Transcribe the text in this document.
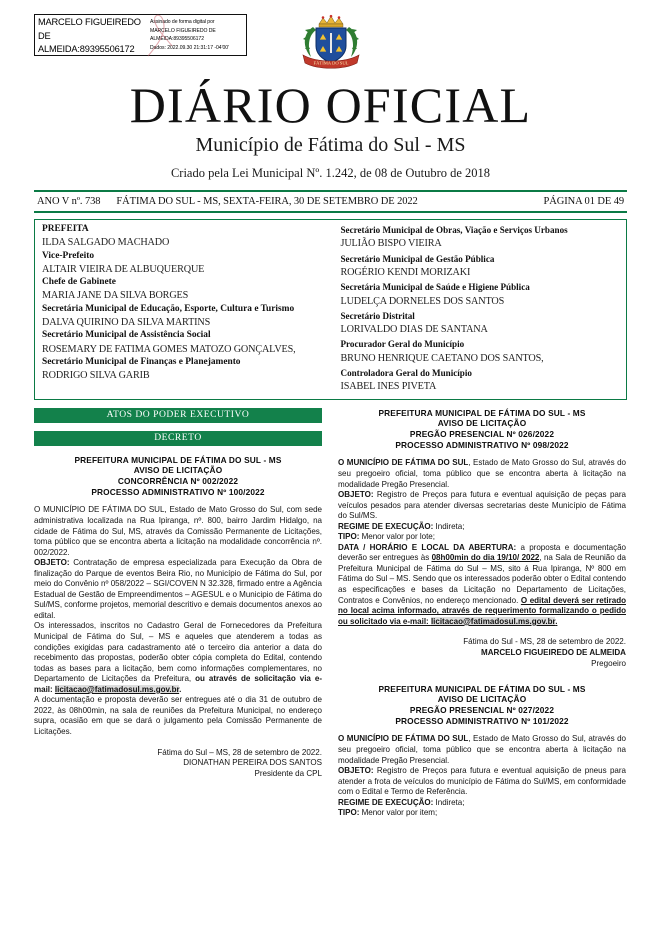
MARCELO FIGUEIREDO DE ALMEIDA:89395506172
Assinado de forma digital por
MARCELO FIGUEIREDO DE
ALMEIDA:89395506172
Dados: 2022.09.30 21:31:17 -04'00'
FÁTIMA DO SUL
DIÁRIO OFICIAL
Município de Fátima do Sul - MS
Criado pela Lei Municipal Nº. 1.242, de 08 de Outubro de 2018
ANO V nº. 738 FÁTIMA DO SUL - MS, SEXTA-FEIRA, 30 DE SETEMBRO DE 2022	PÁGINA 01 DE 49
PREFEITA
ILDA SALGADO MACHADO
Vice-Prefeito
ALTAIR VIEIRA DE ALBUQUERQUE
Chefe de Gabinete
MARIA JANE DA SILVA BORGES
Secretária Municipal de Educação, Esporte, Cultura e Turismo
DALVA QUIRINO DA SILVA MARTINS
Secretário Municipal de Assistência Social
ROSEMARY DE FATIMA GOMES MATOZO GONÇALVES,
Secretário Municipal de Finanças e Planejamento
RODRIGO SILVA GARIB
Secretário Municipal de Obras, Viação e Serviços Urbanos
JULIÃO BISPO VIEIRA
Secretário Municipal de Gestão Pública
ROGÉRIO KENDI MORIZAKI
Secretária Municipal de Saúde e Higiene Pública
LUDELÇA DORNELES DOS SANTOS
Secretário Distrital
LORIVALDO DIAS DE SANTANA
Procurador Geral do Município
BRUNO HENRIQUE CAETANO DOS SANTOS,
Controladora Geral do Município
ISABEL INES PIVETA
ATOS DO PODER EXECUTIVO
DECRETO
PREFEITURA MUNICIPAL DE FÁTIMA DO SUL - MS
AVISO DE LICITAÇÃO
CONCORRÊNCIA Nº 002/2022
PROCESSO ADMINISTRATIVO Nº 100/2022

O MUNICÍPIO DE FÁTIMA DO SUL, Estado de Mato Grosso do Sul, com sede administrativa localizada na Rua Ipiranga, nº. 800, bairro Jardim Hidalgo, na cidade de Fátima do Sul, MS, através da Comissão Permanente de Licitações, toma público que se encontra aberta a licitação na modalidade concorrência nº. 002/2022.

OBJETO: Contratação de empresa especializada para Execução da Obra de finalização do Parque de eventos Beira Rio, no Município de Fátima do Sul, por meio do Convênio nº 058/2022 – SGI/COVEN N 32.328, firmado entre a Agência Estadual de Gestão de Empreendimentos – AGESUL e o Municipio de Fátima do Sul/MS, conforme projetos, memorial descritivo e demais documentos anexos ao edital.

Os interessados, inscritos no Cadastro Geral de Fornecedores da Prefeitura Municipal de Fátima do Sul, – MS e aqueles que atenderem a todas as condições exigidas para cadastramento até o terceiro dia anterior a data do recebimento das propostas, poderão obter cópia completa do Edital, contendo todas as bases para a licitação, bem como informações complementares, no Departamento de Licitações da Prefeitura, ou através de solicitação via e-mail: licitacao@fatimadosul.ms.gov.br.

A documentação e proposta deverão ser entregues até o dia 31 de outubro de 2022, às 08h00min, na sala de reuniões da Prefeitura Municipal, no endereço supra, ocasião em que se dará o julgamento pela Comissão Permanente de Licitações.

Fátima do Sul – MS, 28 de setembro de 2022.
DIONATHAN PEREIRA DOS SANTOS
Presidente da CPL
PREFEITURA MUNICIPAL DE FÁTIMA DO SUL - MS
AVISO DE LICITAÇÃO
PREGÃO PRESENCIAL Nº 026/2022
PROCESSO ADMINISTRATIVO Nº 098/2022

O MUNICÍPIO DE FÁTIMA DO SUL, Estado de Mato Grosso do Sul, através do seu pregoeiro oficial, toma público que se encontra aberta à licitação na modalidade Pregão Presencial.

OBJETO: Registro de Preços para futura e eventual aquisição de peças para veículos pesados para atender diversas secretarias deste Município de Fátima do Sul/MS.

REGIME DE EXECUÇÃO: Indireta;

TIPO: Menor valor por lote;

DATA / HORÁRIO E LOCAL DA ABERTURA: a proposta e documentação deverão ser entregues às 08h00min do dia 19/10/ 2022, na Sala de Reunião da Prefeitura Municipal de Fátima do Sul – MS, sito á Rua Ipiranga, Nº 800 em Fátima do Sul – MS. Sendo que os interessados poderão obter o Edital contendo as especificações e bases da Licitação no Departamento de Licitações, Contratos e Convênios, no endereço mencionado. O edital deverá ser retirado no local acima informado, através de requerimento formalizando o pedido ou solicitado via e-mail: licitacao@fatimadosul.ms.gov.br.

Fátima do Sul - MS, 28 de setembro de 2022.
MARCELO FIGUEIREDO DE ALMEIDA
Pregoeiro
PREFEITURA MUNICIPAL DE FÁTIMA DO SUL - MS
AVISO DE LICITAÇÃO
PREGÃO PRESENCIAL Nº 027/2022
PROCESSO ADMINISTRATIVO Nº 101/2022

O MUNICÍPIO DE FÁTIMA DO SUL, Estado de Mato Grosso do Sul, através do seu pregoeiro oficial, toma público que se encontra aberta à licitação na modalidade Pregão Presencial.

OBJETO: Registro de Preços para futura e eventual aquisição de pneus para atender a frota de veículos do município de Fátima do Sul/MS, em conformidade com o Edital e Termo de Referência.

REGIME DE EXECUÇÃO: Indireta;

TIPO: Menor valor por item;
